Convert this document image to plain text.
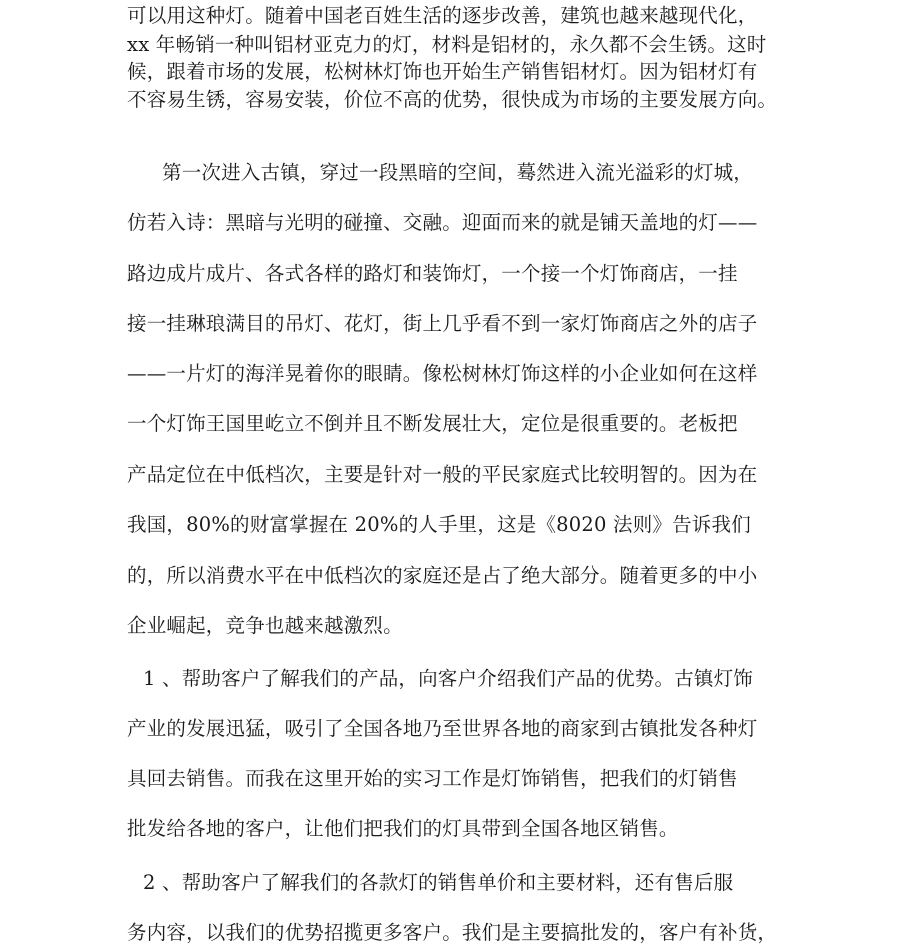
可以用这种灯。随着中国老百姓生活的逐步改善，建筑也越来越现代化，
xx 年畅销一种叫铝材亚克力的灯，材料是铝材的，永久都不会生锈。这时
候，跟着市场的发展，松树林灯饰也开始生产销售铝材灯。因为铝材灯有
不容易生锈，容易安装，价位不高的优势，很快成为市场的主要发展方向。
第一次进入古镇，穿过一段黑暗的空间，蓦然进入流光溢彩的灯城，
仿若入诗：黑暗与光明的碰撞、交融。迎面而来的就是铺天盖地的灯——
路边成片成片、各式各样的路灯和装饰灯，一个接一个灯饰商店，一挂
接一挂琳琅满目的吊灯、花灯，街上几乎看不到一家灯饰商店之外的店子
——一片灯的海洋晃着你的眼睛。像松树林灯饰这样的小企业如何在这样
一个灯饰王国里屹立不倒并且不断发展壮大，定位是很重要的。老板把
产品定位在中低档次，主要是针对一般的平民家庭式比较明智的。因为在
我国，80%的财富掌握在 20%的人手里，这是《8020 法则》告诉我们
的，所以消费水平在中低档次的家庭还是占了绝大部分。随着更多的中小
企业崛起，竞争也越来越激烈。
1 、帮助客户了解我们的产品，向客户介绍我们产品的优势。古镇灯饰
产业的发展迅猛，吸引了全国各地乃至世界各地的商家到古镇批发各种灯
具回去销售。而我在这里开始的实习工作是灯饰销售，把我们的灯销售
批发给各地的客户，让他们把我们的灯具带到全国各地区销售。
2 、帮助客户了解我们的各款灯的销售单价和主要材料，还有售后服
务内容，以我们的优势招揽更多客户。我们是主要搞批发的，客户有补货，
